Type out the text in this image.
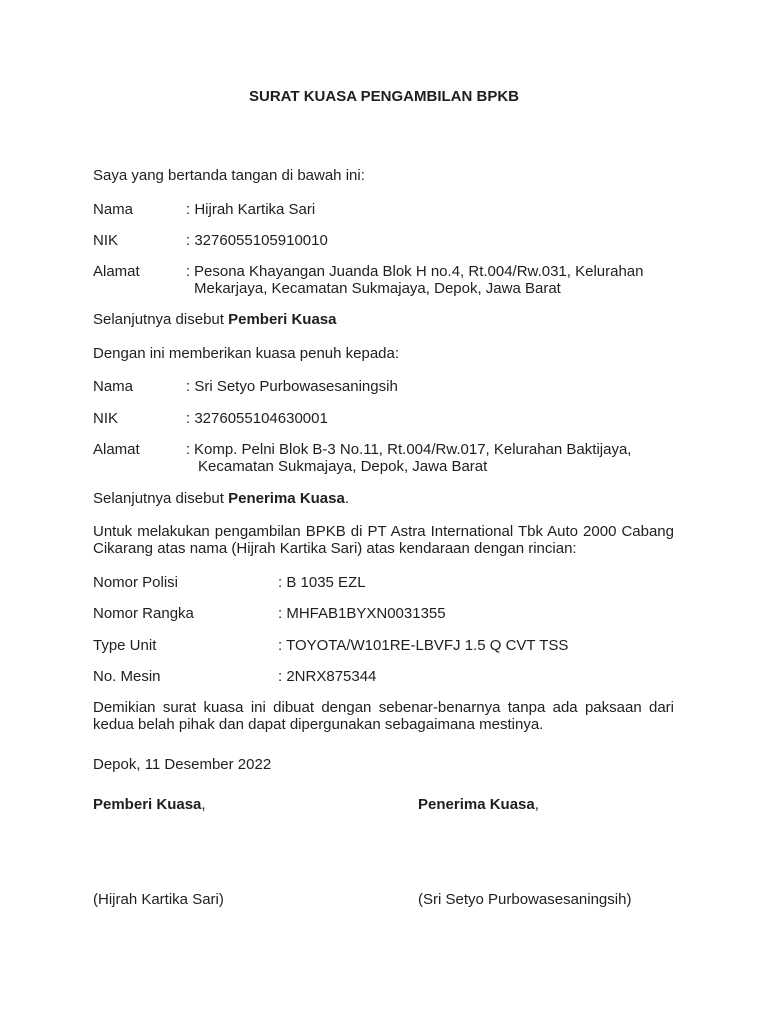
SURAT KUASA PENGAMBILAN BPKB
Saya yang bertanda tangan di bawah ini:
Nama	: Hijrah Kartika Sari
NIK	: 3276055105910010
Alamat	: Pesona Khayangan Juanda Blok H no.4, Rt.004/Rw.031, Kelurahan
Mekarjaya, Kecamatan Sukmajaya, Depok, Jawa Barat
Selanjutnya disebut Pemberi Kuasa
Dengan ini memberikan kuasa penuh kepada:
Nama	: Sri Setyo Purbowasesaningsih
NIK	: 3276055104630001
Alamat	: Komp. Pelni Blok B-3 No.11, Rt.004/Rw.017, Kelurahan Baktijaya,
Kecamatan Sukmajaya, Depok, Jawa Barat
Selanjutnya disebut Penerima Kuasa.
Untuk melakukan pengambilan BPKB di PT Astra International Tbk Auto 2000 Cabang Cikarang atas nama (Hijrah Kartika Sari) atas kendaraan dengan rincian:
Nomor Polisi	: B 1035 EZL
Nomor Rangka	: MHFAB1BYXN0031355
Type Unit	: TOYOTA/W101RE-LBVFJ 1.5 Q CVT TSS
No. Mesin	: 2NRX875344
Demikian surat kuasa ini dibuat dengan sebenar-benarnya tanpa ada paksaan dari kedua belah pihak dan dapat dipergunakan sebagaimana mestinya.
Depok, 11 Desember 2022
Pemberi Kuasa,	Penerima Kuasa,
(Hijrah Kartika Sari)	(Sri Setyo Purbowasesaningsih)
